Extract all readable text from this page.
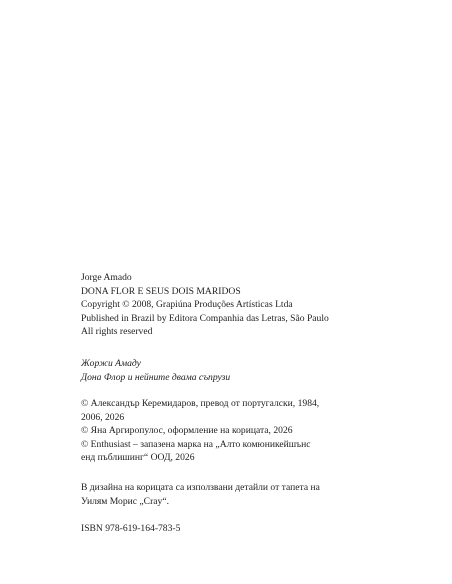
Jorge Amado
DONA FLOR E SEUS DOIS MARIDOS
Copyright © 2008, Grapiúna Produções Artísticas Ltda
Published in Brazil by Editora Companhia das Letras, São Paulo
All rights reserved
Жоржи Амаду
Дона Флор и нейните двама съпрузи
© Александър Керемидаров, превод от португалски, 1984,
2006, 2026
© Яна Аргиропулос, оформление на корицата, 2026
© Enthusiast – запазена марка на „Алто комюникейшънс
енд пъблишинг“ ООД, 2026
В дизайна на корицата са използвани детайли от тапета на
Уилям Морис „Cray“.
ISBN 978-619-164-783-5
